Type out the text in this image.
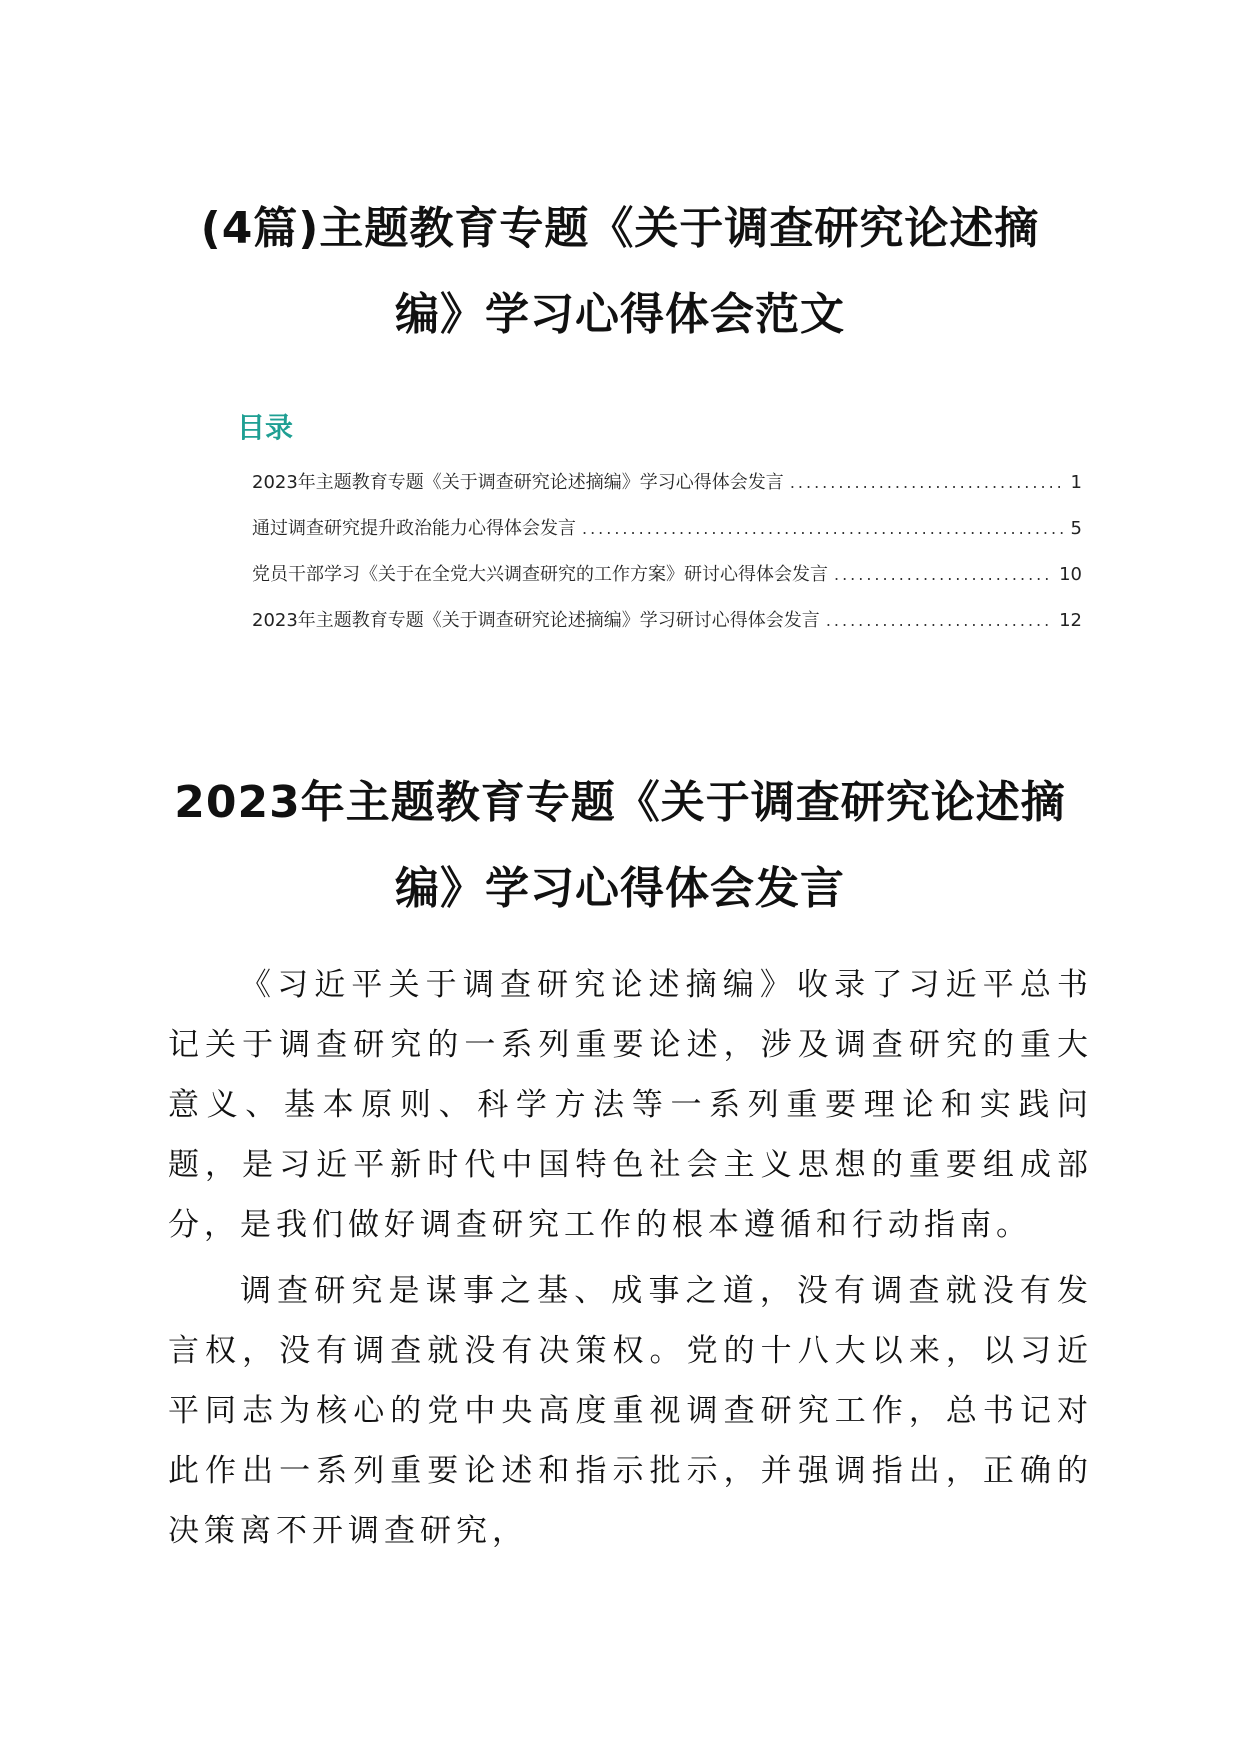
(4篇)主题教育专题《关于调查研究论述摘
编》学习心得体会范文
目录
2023年主题教育专题《关于调查研究论述摘编》学习心得体会发言 .....	1
通过调查研究提升政治能力心得体会发言 .....	5
党员干部学习《关于在全党大兴调查研究的工作方案》研讨心得体会发言 .....	10
2023年主题教育专题《关于调查研究论述摘编》学习研讨心得体会发言 .....	12
2023年主题教育专题《关于调查研究论述摘
编》学习心得体会发言

《习近平关于调查研究论述摘编》收录了习近平总书记关于调查研究的一系列重要论述，涉及调查研究的重大意义、基本原则、科学方法等一系列重要理论和实践问题，是习近平新时代中国特色社会主义思想的重要组成部分，是我们做好调查研究工作的根本遵循和行动指南。

调查研究是谋事之基、成事之道，没有调查就没有发言权，没有调查就没有决策权。党的十八大以来，以习近平同志为核心的党中央高度重视调查研究工作，总书记对此作出一系列重要论述和指示批示，并强调指出，正确的决策离不开调查研究，
